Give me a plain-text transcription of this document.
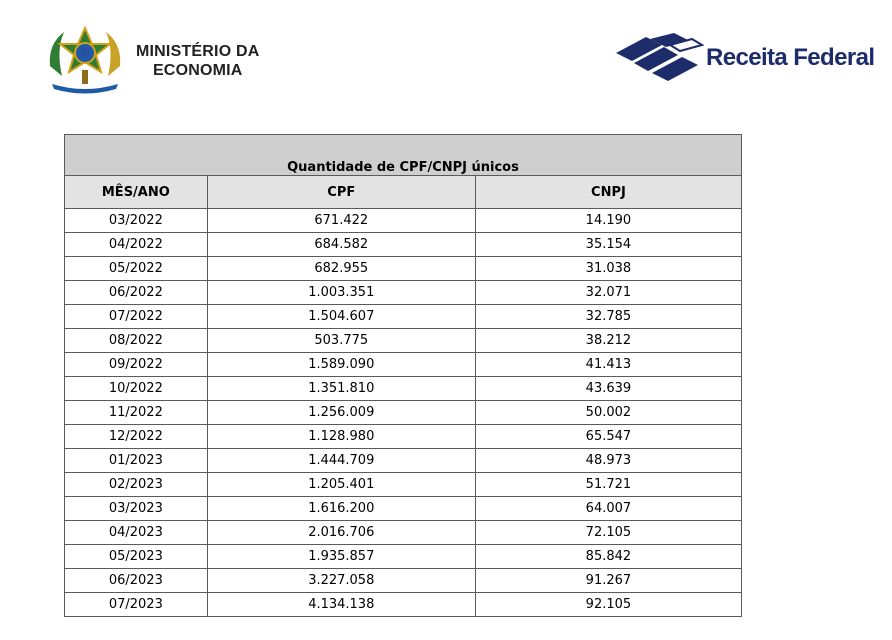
MINISTÉRIO DA
ECONOMIA	Receita Federal
Quantidade de CPF/CNPJ únicos		
MÊS/ANO	CPF	CNPJ
03/2022	671.422	14.190
04/2022	684.582	35.154
05/2022	682.955	31.038
06/2022	1.003.351	32.071
07/2022	1.504.607	32.785
08/2022	503.775	38.212
09/2022	1.589.090	41.413
10/2022	1.351.810	43.639
11/2022	1.256.009	50.002
12/2022	1.128.980	65.547
01/2023	1.444.709	48.973
02/2023	1.205.401	51.721
03/2023	1.616.200	64.007
04/2023	2.016.706	72.105
05/2023	1.935.857	85.842
06/2023	3.227.058	91.267
07/2023	4.134.138	92.105
